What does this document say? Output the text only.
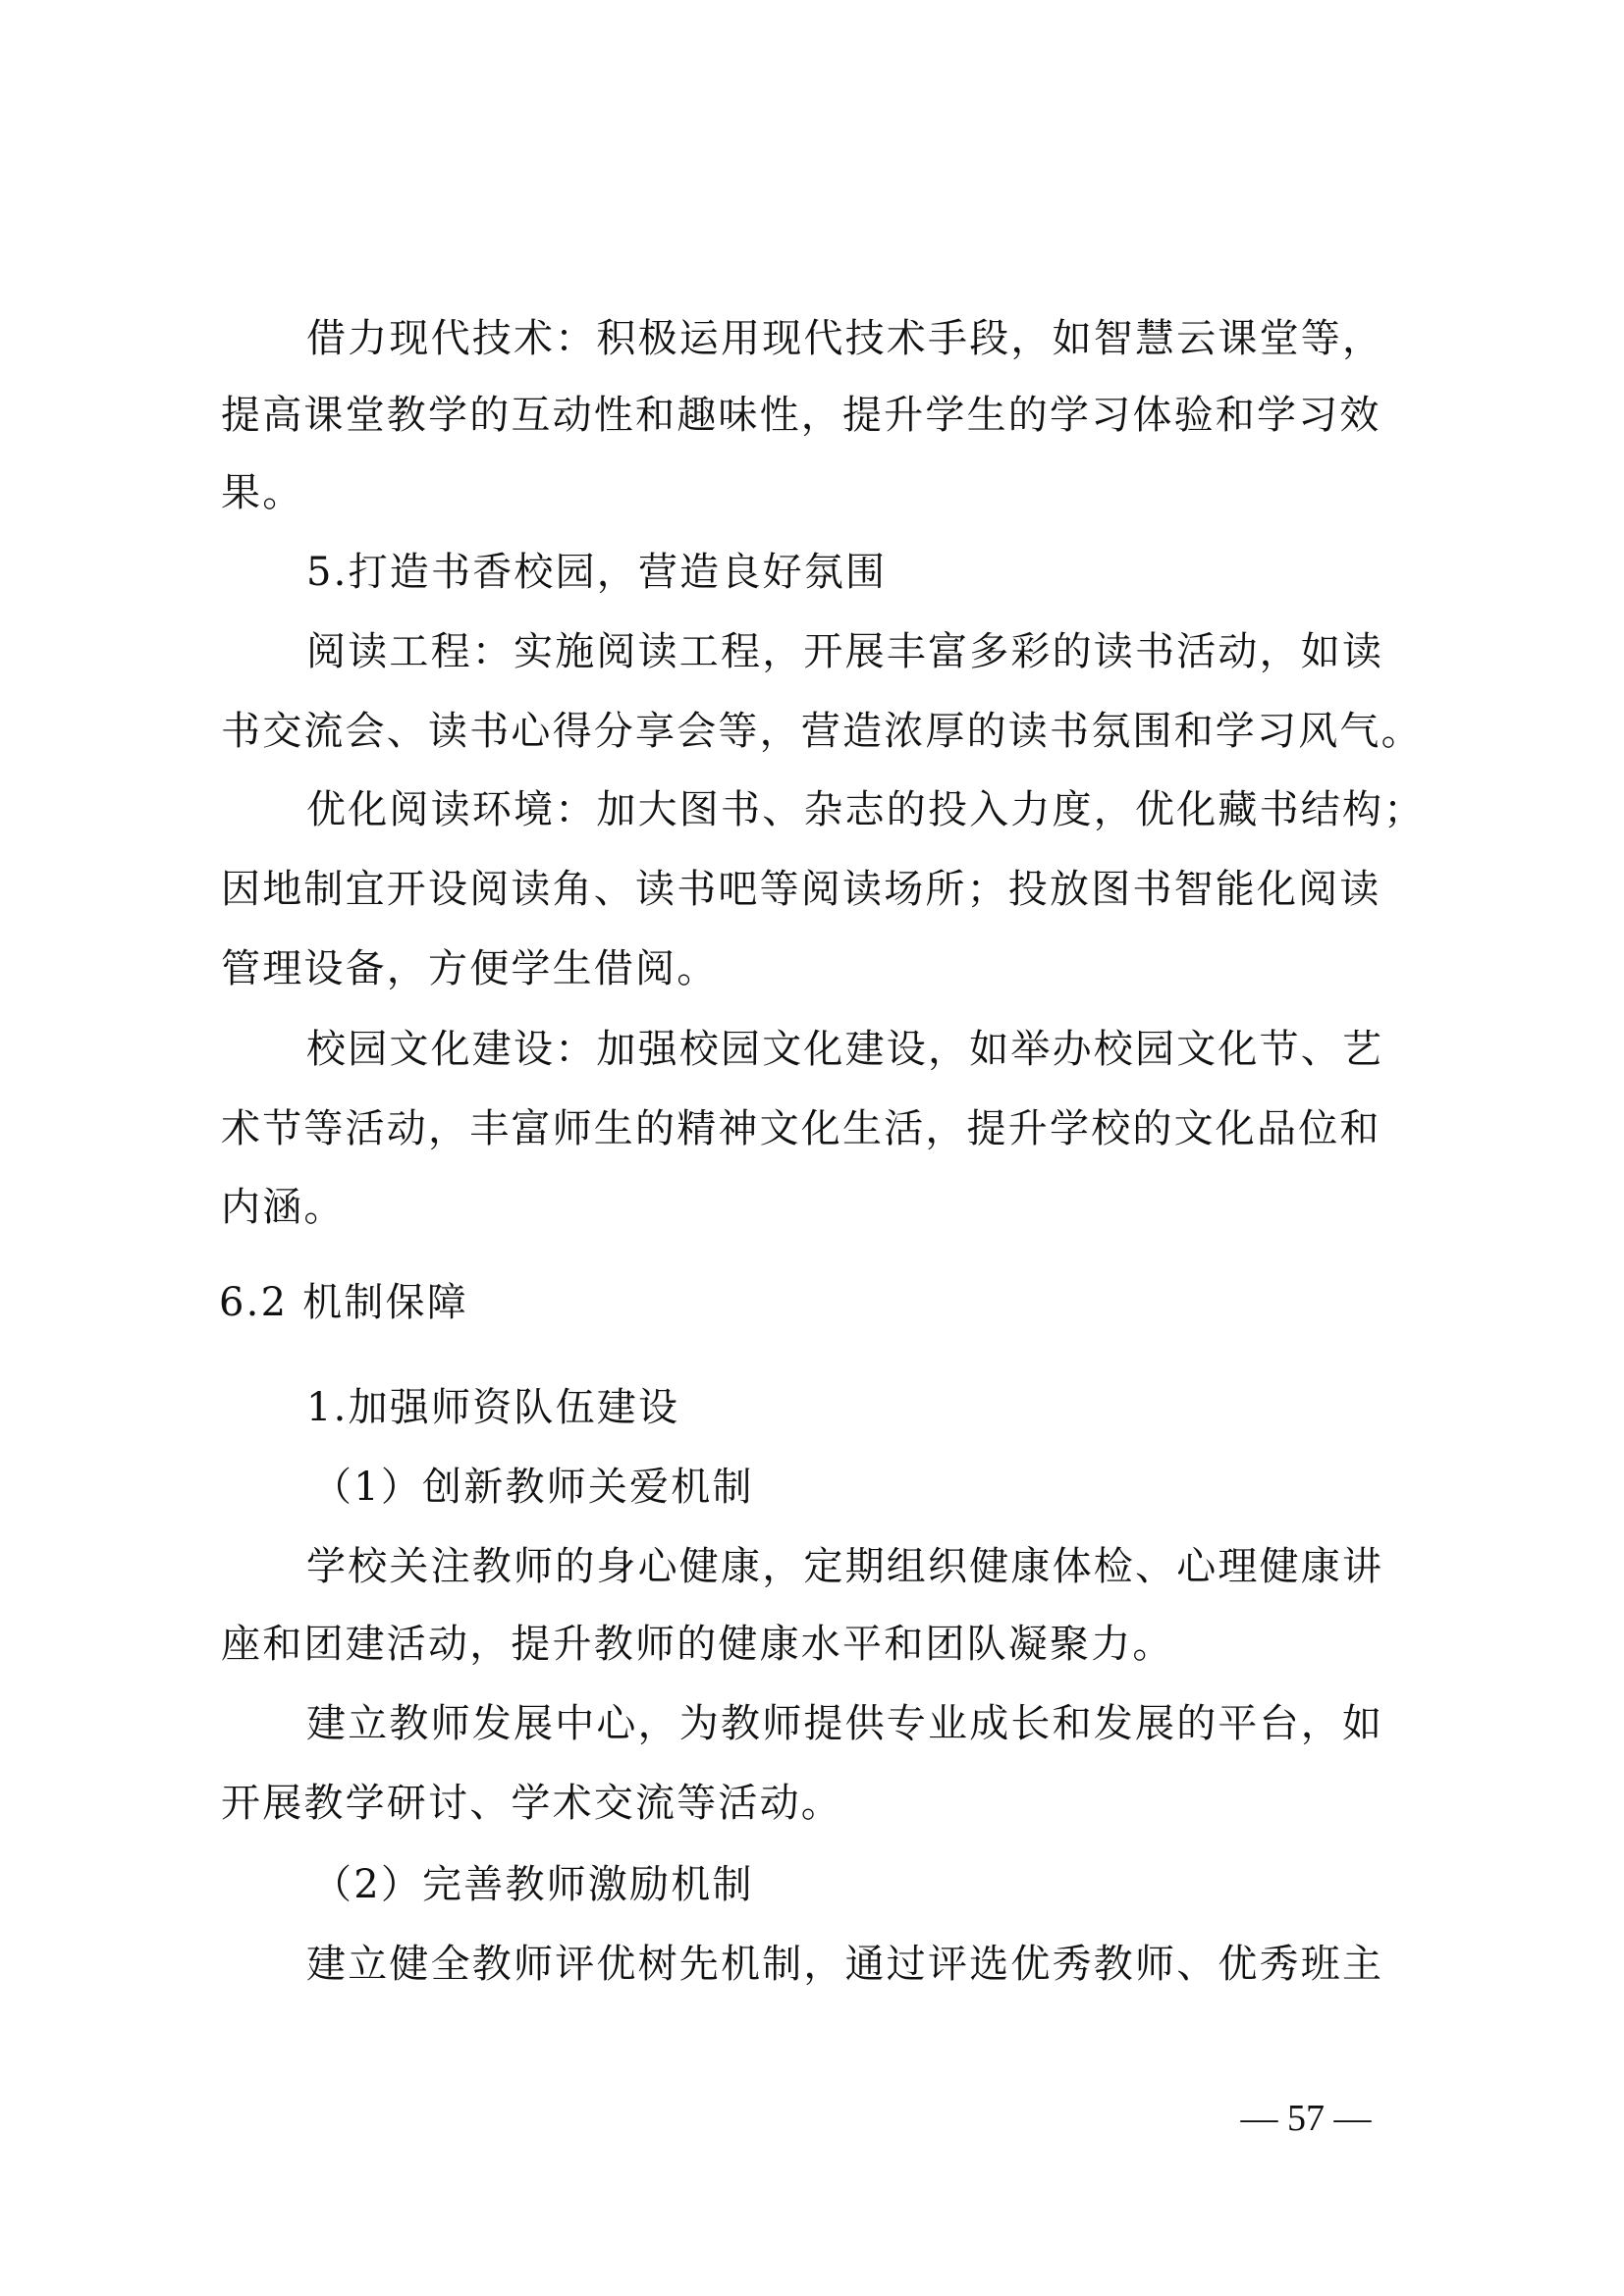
借力现代技术：积极运用现代技术手段，如智慧云课堂等，
提高课堂教学的互动性和趣味性，提升学生的学习体验和学习效
果。
5.打造书香校园，营造良好氛围
阅读工程：实施阅读工程，开展丰富多彩的读书活动，如读
书交流会、读书心得分享会等，营造浓厚的读书氛围和学习风气。
优化阅读环境：加大图书、杂志的投入力度，优化藏书结构；
因地制宜开设阅读角、读书吧等阅读场所；投放图书智能化阅读
管理设备，方便学生借阅。
校园文化建设：加强校园文化建设，如举办校园文化节、艺
术节等活动，丰富师生的精神文化生活，提升学校的文化品位和
内涵。
6.2 机制保障
1.加强师资队伍建设
（1）创新教师关爱机制
学校关注教师的身心健康，定期组织健康体检、心理健康讲
座和团建活动，提升教师的健康水平和团队凝聚力。
建立教师发展中心，为教师提供专业成长和发展的平台，如
开展教学研讨、学术交流等活动。
（2）完善教师激励机制
建立健全教师评优树先机制，通过评选优秀教师、优秀班主
— 57 —
